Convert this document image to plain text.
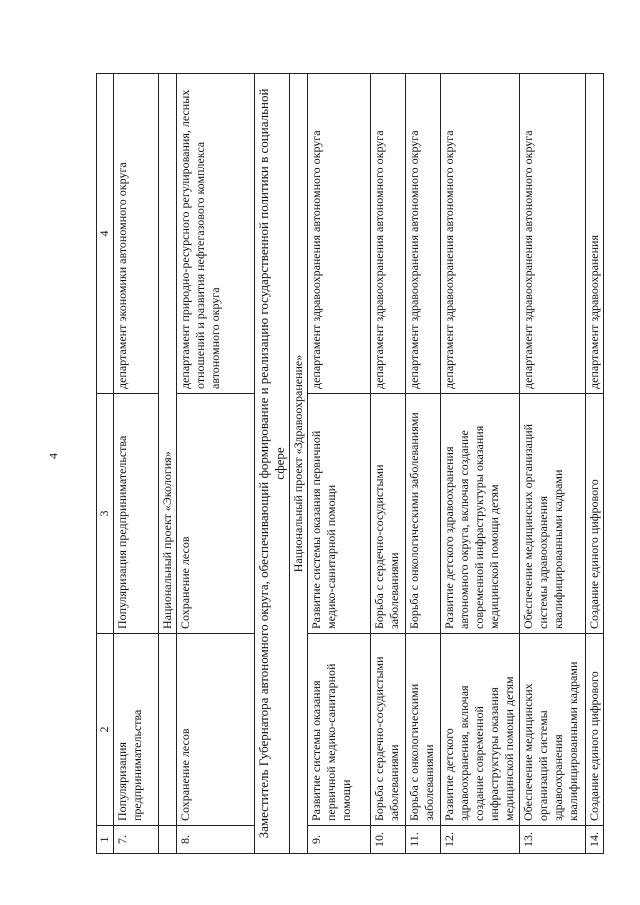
4
1	2	3	4
7.	Популяризация предпринимательства	Популяризация предпринимательства	департамент экономики автономного округа
		Национальный проект «Экология»	
8.	Сохранение лесов	Сохранение лесов	департамент природно-ресурсного регулирования, лесных отношений и развития нефтегазового комплекса автономного округа
Заместитель Губернатора автономного округа, обеспечивающий формирование и реализацию государственной политики в социальной сфере			
Национальный проект «Здравоохранение»			
9.	Развитие системы оказания первичной медико-санитарной помощи	Развитие системы оказания первичной медико-санитарной помощи	департамент здравоохранения автономного округа
10.	Борьба с сердечно-сосудистыми заболеваниями	Борьба с сердечно-сосудистыми заболеваниями	департамент здравоохранения автономного округа
11.	Борьба с онкологическими заболеваниями	Борьба с онкологическими заболеваниями	департамент здравоохранения автономного округа
12.	Развитие детского здравоохранения, включая создание современной инфраструктуры оказания медицинской помощи детям	Развитие детского здравоохранения автономного округа, включая создание современной инфраструктуры оказания медицинской помощи детям	департамент здравоохранения автономного округа
13.	Обеспечение медицинских организаций системы здравоохранения квалифицированными кадрами	Обеспечение медицинских организаций системы здравоохранения квалифицированными кадрами	департамент здравоохранения автономного округа
14.	Создание единого цифрового	Создание единого цифрового	департамент здравоохранения
